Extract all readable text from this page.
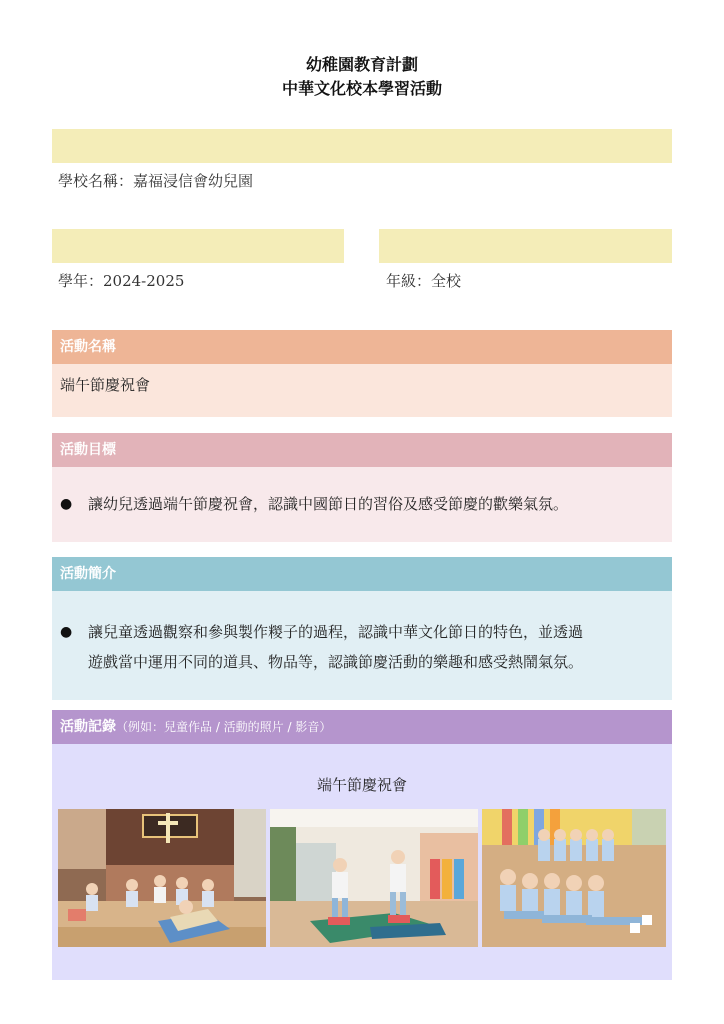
幼稚園教育計劃
中華文化校本學習活動
學校名稱：嘉福浸信會幼兒園
學年：2024-2025	年級：全校
活動名稱
端午節慶祝會
活動目標
●	讓幼兒透過端午節慶祝會，認識中國節日的習俗及感受節慶的歡樂氣氛。
活動簡介
●	讓兒童透過觀察和參與製作糉子的過程，認識中華文化節日的特色，並透過
遊戲當中運用不同的道具、物品等，認識節慶活動的樂趣和感受熱鬧氣氛。
活動記錄（例如：兒童作品 / 活動的照片 / 影音）
端午節慶祝會
